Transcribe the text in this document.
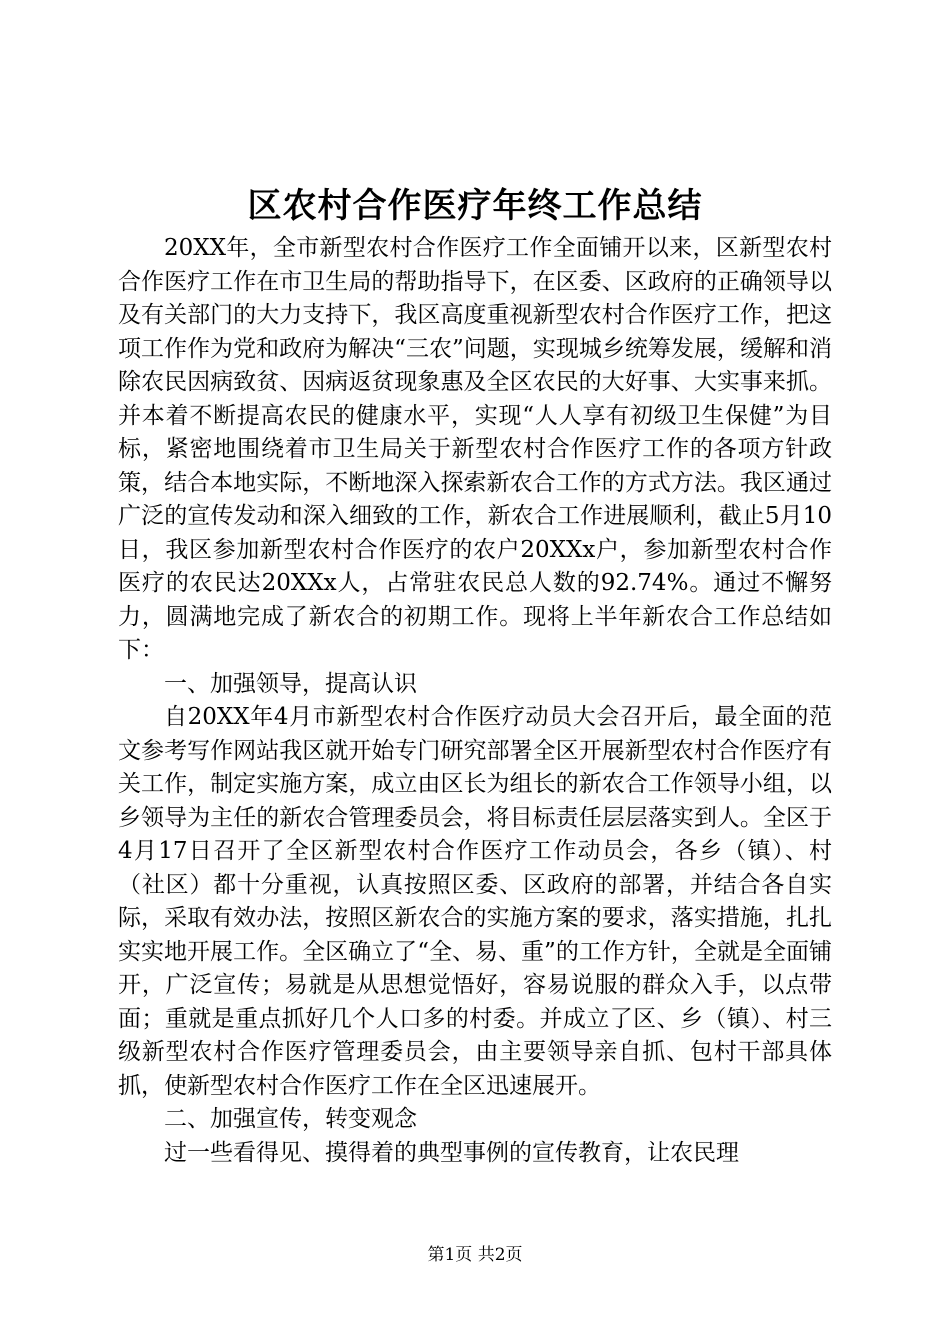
区农村合作医疗年终工作总结

20XX年，全市新型农村合作医疗工作全面铺开以来，区新型农村合作医疗工作在市卫生局的帮助指导下，在区委、区政府的正确领导以及有关部门的大力支持下，我区高度重视新型农村合作医疗工作，把这项工作作为党和政府为解决“三农”问题，实现城乡统筹发展，缓解和消除农民因病致贫、因病返贫现象惠及全区农民的大好事、大实事来抓。并本着不断提高农民的健康水平，实现“人人享有初级卫生保健”为目标，紧密地围绕着市卫生局关于新型农村合作医疗工作的各项方针政策，结合本地实际，不断地深入探索新农合工作的方式方法。我区通过广泛的宣传发动和深入细致的工作，新农合工作进展顺利，截止5月10日，我区参加新型农村合作医疗的农户20XXx户，参加新型农村合作医疗的农民达20XXx人，占常驻农民总人数的92.74%。通过不懈努力，圆满地完成了新农合的初期工作。现将上半年新农合工作总结如下：

一、加强领导，提高认识

自20XX年4月市新型农村合作医疗动员大会召开后，最全面的范文参考写作网站我区就开始专门研究部署全区开展新型农村合作医疗有关工作，制定实施方案，成立由区长为组长的新农合工作领导小组，以乡领导为主任的新农合管理委员会，将目标责任层层落实到人。全区于4月17日召开了全区新型农村合作医疗工作动员会，各乡（镇）、村（社区）都十分重视，认真按照区委、区政府的部署，并结合各自实际，采取有效办法，按照区新农合的实施方案的要求，落实措施，扎扎实实地开展工作。全区确立了“全、易、重”的工作方针，全就是全面铺开，广泛宣传；易就是从思想觉悟好，容易说服的群众入手，以点带面；重就是重点抓好几个人口多的村委。并成立了区、乡（镇）、村三级新型农村合作医疗管理委员会，由主要领导亲自抓、包村干部具体抓，使新型农村合作医疗工作在全区迅速展开。

二、加强宣传，转变观念

过一些看得见、摸得着的典型事例的宣传教育，让农民理

第1页 共2页
